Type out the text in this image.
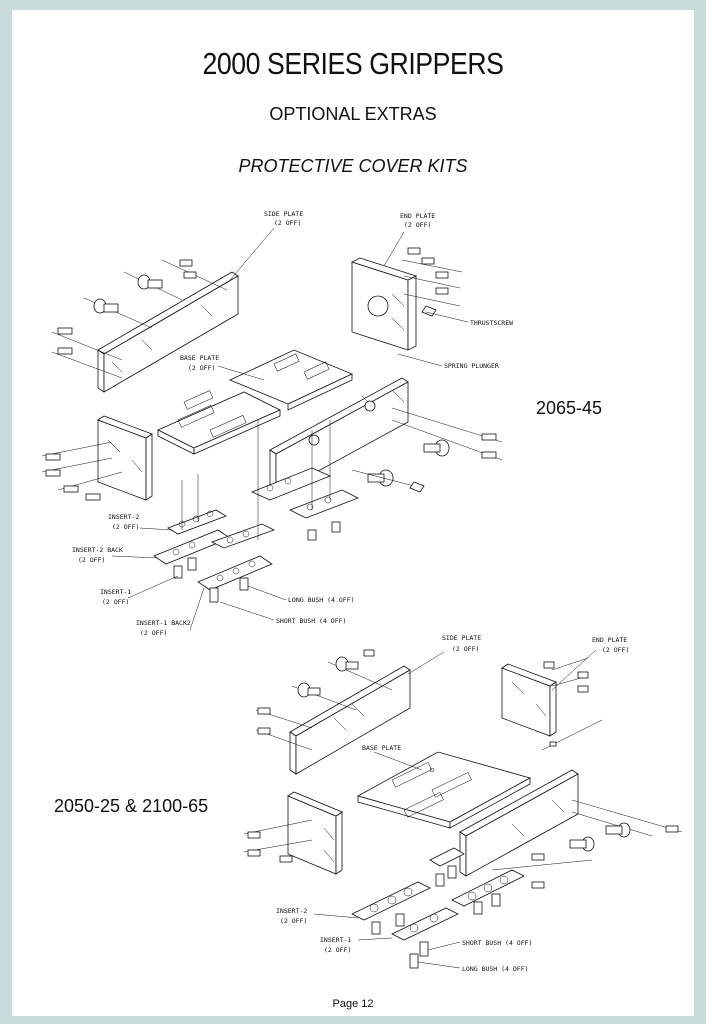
2000 SERIES GRIPPERS
OPTIONAL EXTRAS
PROTECTIVE COVER KITS
SIDE PLATE
(2 OFF)
END PLATE
(2 OFF)
THRUSTSCREW
SPRING PLUNGER
BASE PLATE
(2 OFF)
INSERT-2
(2 OFF)
INSERT-2 BACK
(2 OFF)
INSERT-1
(2 OFF)
INSERT-1 BACK2
(2 OFF)
LONG BUSH (4 OFF)
SHORT BUSH (4 OFF)
SIDE PLATE
(2 OFF)
END PLATE
(2 OFF)
BASE PLATE
INSERT-2
(2 OFF)
INSERT-1
(2 OFF)
SHORT BUSH (4 OFF)
LONG BUSH (4 OFF)
2065-45
2050-25 & 2100-65
Page 12
